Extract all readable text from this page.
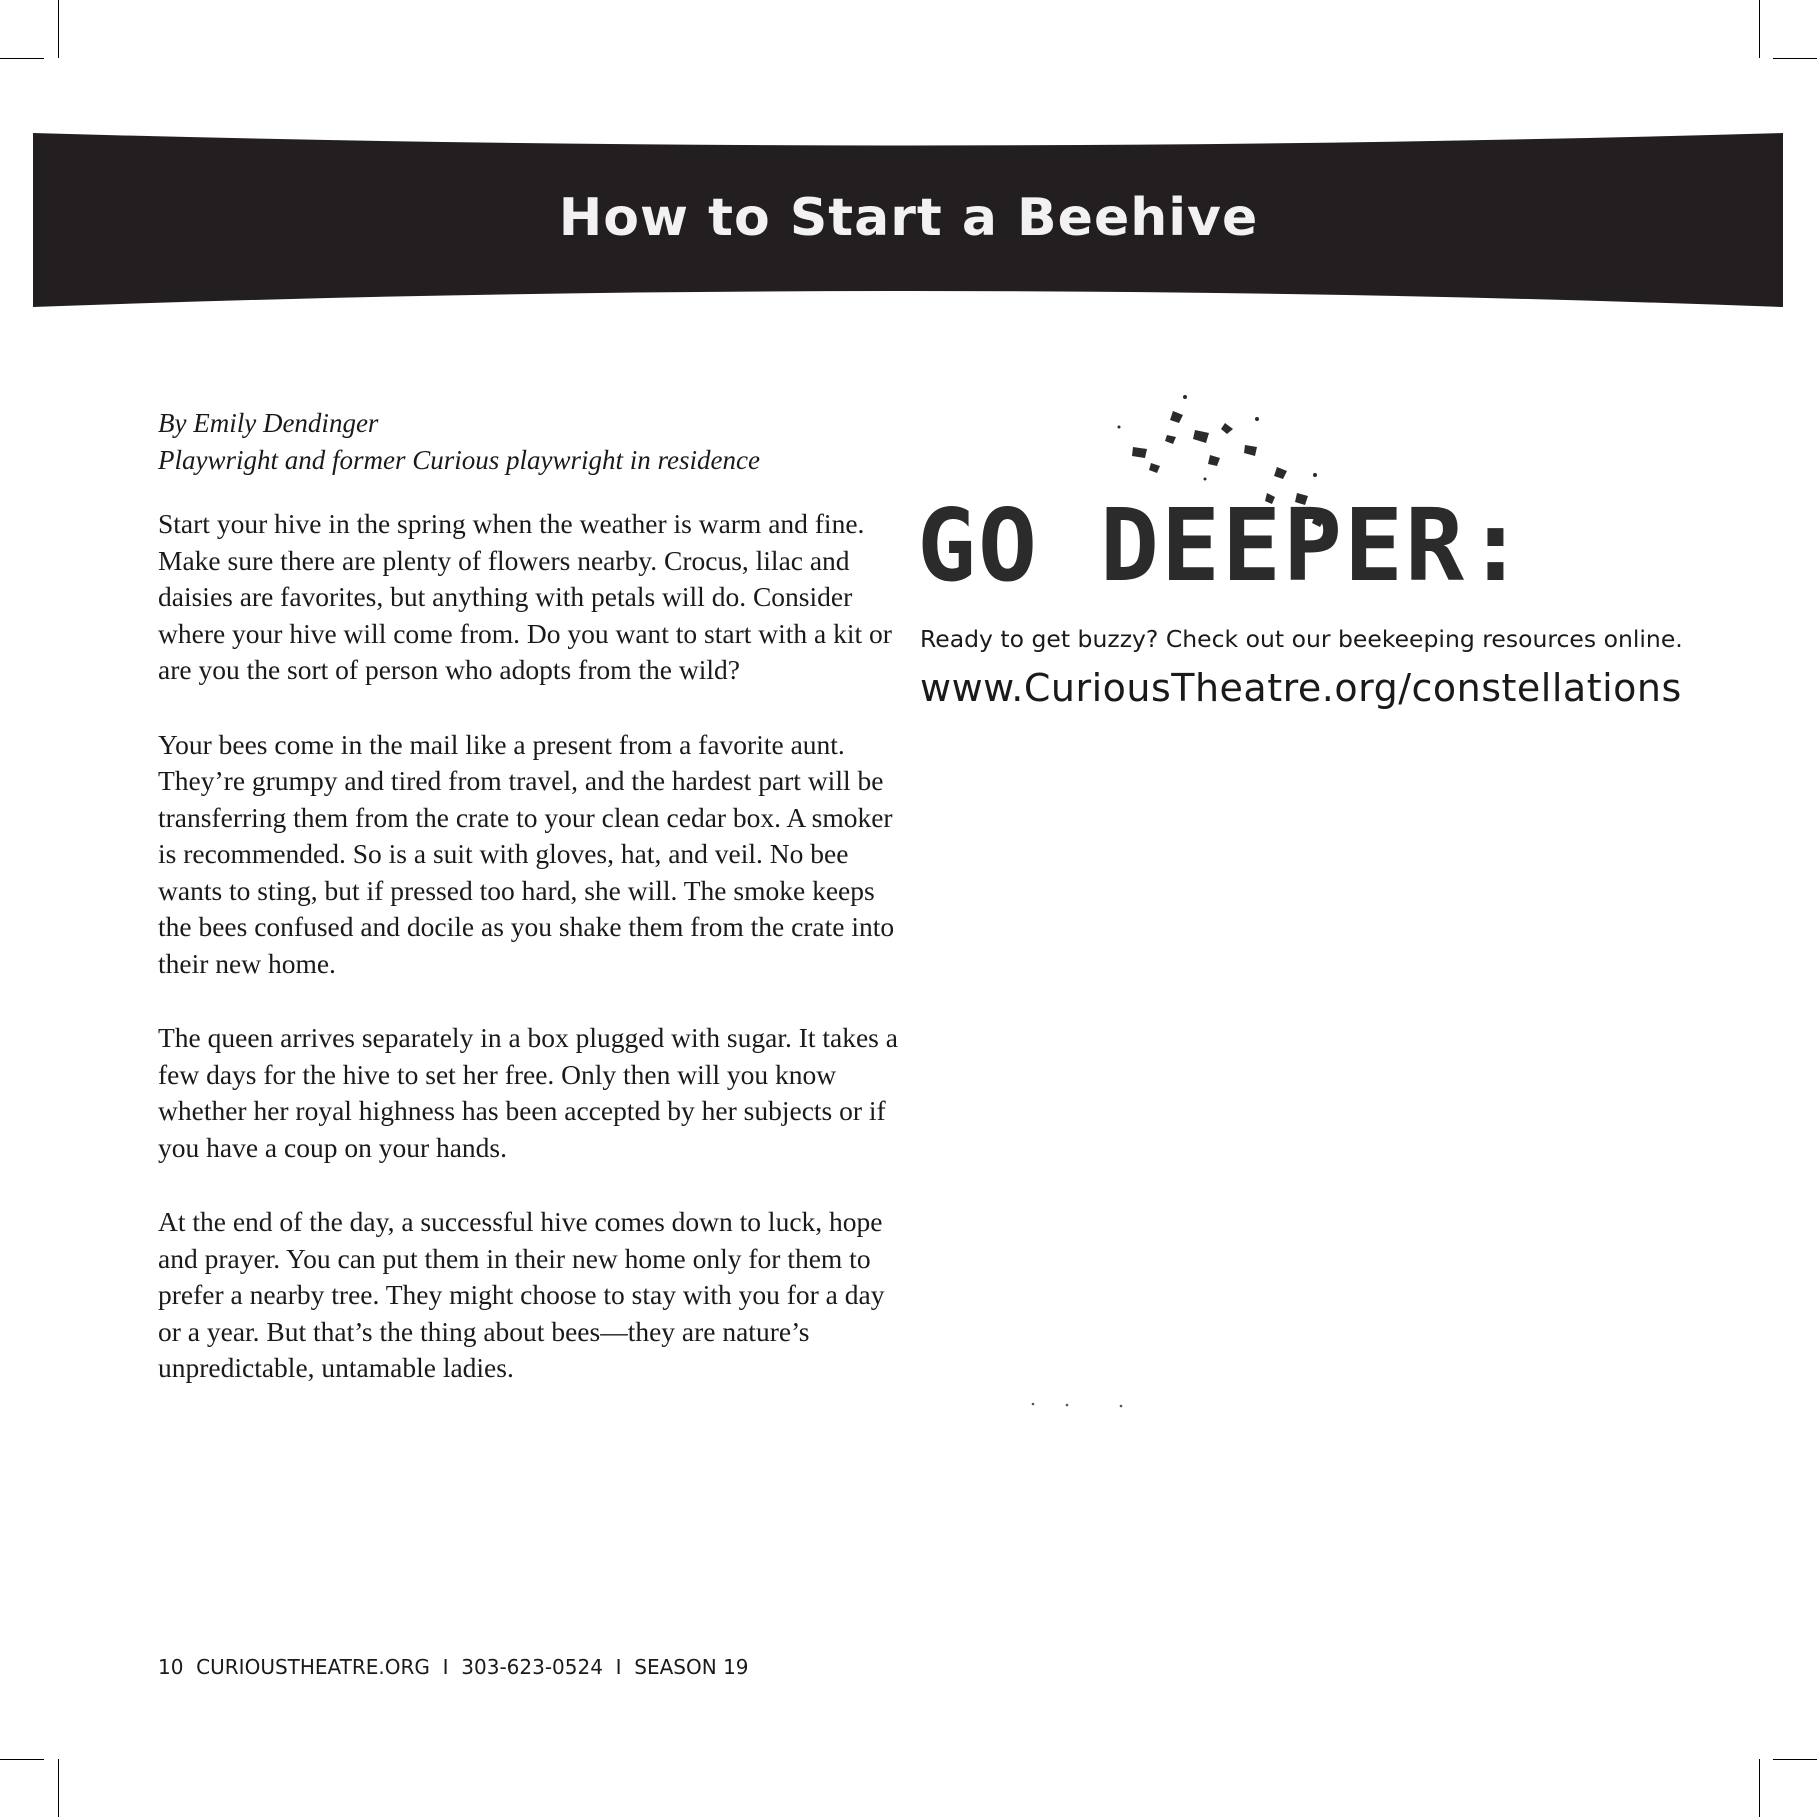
How to Start a Beehive
By Emily Dendinger
Playwright and former Curious playwright in residence

Start your hive in the spring when the weather is warm and fine. Make sure there are plenty of flowers nearby. Crocus, lilac and daisies are favorites, but anything with petals will do. Consider where your hive will come from. Do you want to start with a kit or are you the sort of person who adopts from the wild?

Your bees come in the mail like a present from a favorite aunt. They’re grumpy and tired from travel, and the hardest part will be transferring them from the crate to your clean cedar box. A smoker is recommended. So is a suit with gloves, hat, and veil. No bee wants to sting, but if pressed too hard, she will. The smoke keeps the bees confused and docile as you shake them from the crate into their new home.

The queen arrives separately in a box plugged with sugar. It takes a few days for the hive to set her free. Only then will you know whether her royal highness has been accepted by her subjects or if you have a coup on your hands.

At the end of the day, a successful hive comes down to luck, hope and prayer. You can put them in their new home only for them to prefer a nearby tree. They might choose to stay with you for a day or a year. But that’s the thing about bees—they are nature’s unpredictable, untamable ladies.

GO DEEPER:
Ready to get buzzy? Check out our beekeeping resources online.
www.CuriousTheatre.org/constellations
10 CURIOUSTHEATRE.ORG I 303-623-0524 I SEASON 19
